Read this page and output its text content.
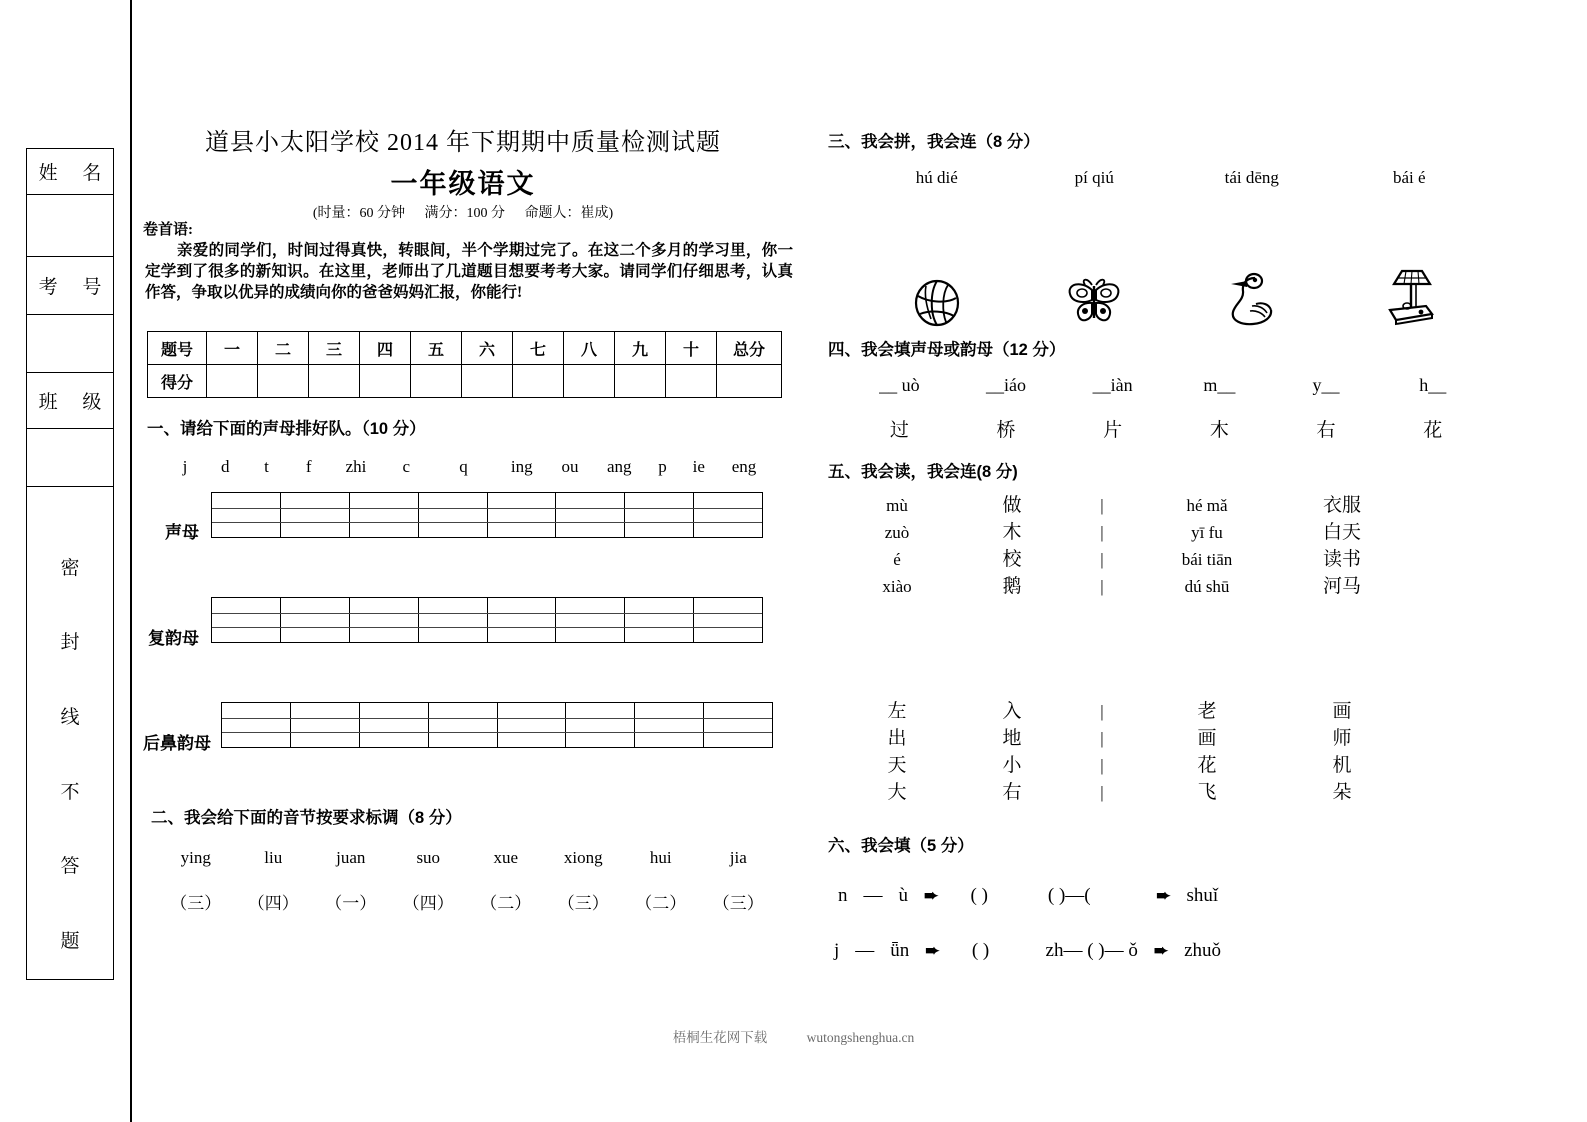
姓 名
考 号
班 级
密
封
线
不
答
题
道县小太阳学校 2014 年下期期中质量检测试题
一年级语文
(时量：60 分钟 满分：100 分 命题人：崔成)
卷首语:
亲爱的同学们，时间过得真快，转眼间，半个学期过完了。在这二个多月的学习里，你一定学到了很多的新知识。在这里，老师出了几道题目想要考考大家。请同学们仔细思考，认真作答，争取以优异的成绩向你的爸爸妈妈汇报，你能行!
题号	一	二	三	四	五	六	七	八	九	十	总分
得分											
一、请给下面的声母排好队。（10 分）
j d t f zhi c	q	ing ou ang p ie eng
声母
复韵母
后鼻韵母
二、我会给下面的音节按要求标调（8 分）
ying	liu	juan	suo	xue	xiong	hui	jia
（三）	（四）	（一）	（四）	（二）	（三）	（二）	（三）
三、我会拼，我会连（8 分）
hú dié	pí qiú	tái dēng	bái é
四、我会填声母或韵母（12 分）
__ uò	__iáo	__iàn	m__	y__	h__
过	桥	片	木	右	花
五、我会读，我会连(8 分)
mù	做	|	hé mǎ	衣服
zuò	木	|	yī fu	白天
é	校	|	bái tiān	读书
xiào	鹅	|	dú shū	河马
左	入	|	老	画
出	地	|	画	师
天	小	|	花	机
大	右	|	飞	朵
六、我会填（5 分）
n — ù ➨	( )	( )—(	➨ shuǐ
j — ǖn ➨	( )	zh— ( )— ǒ ➨ zhuǒ
梧桐生花网下载	wutongshenghua.cn
